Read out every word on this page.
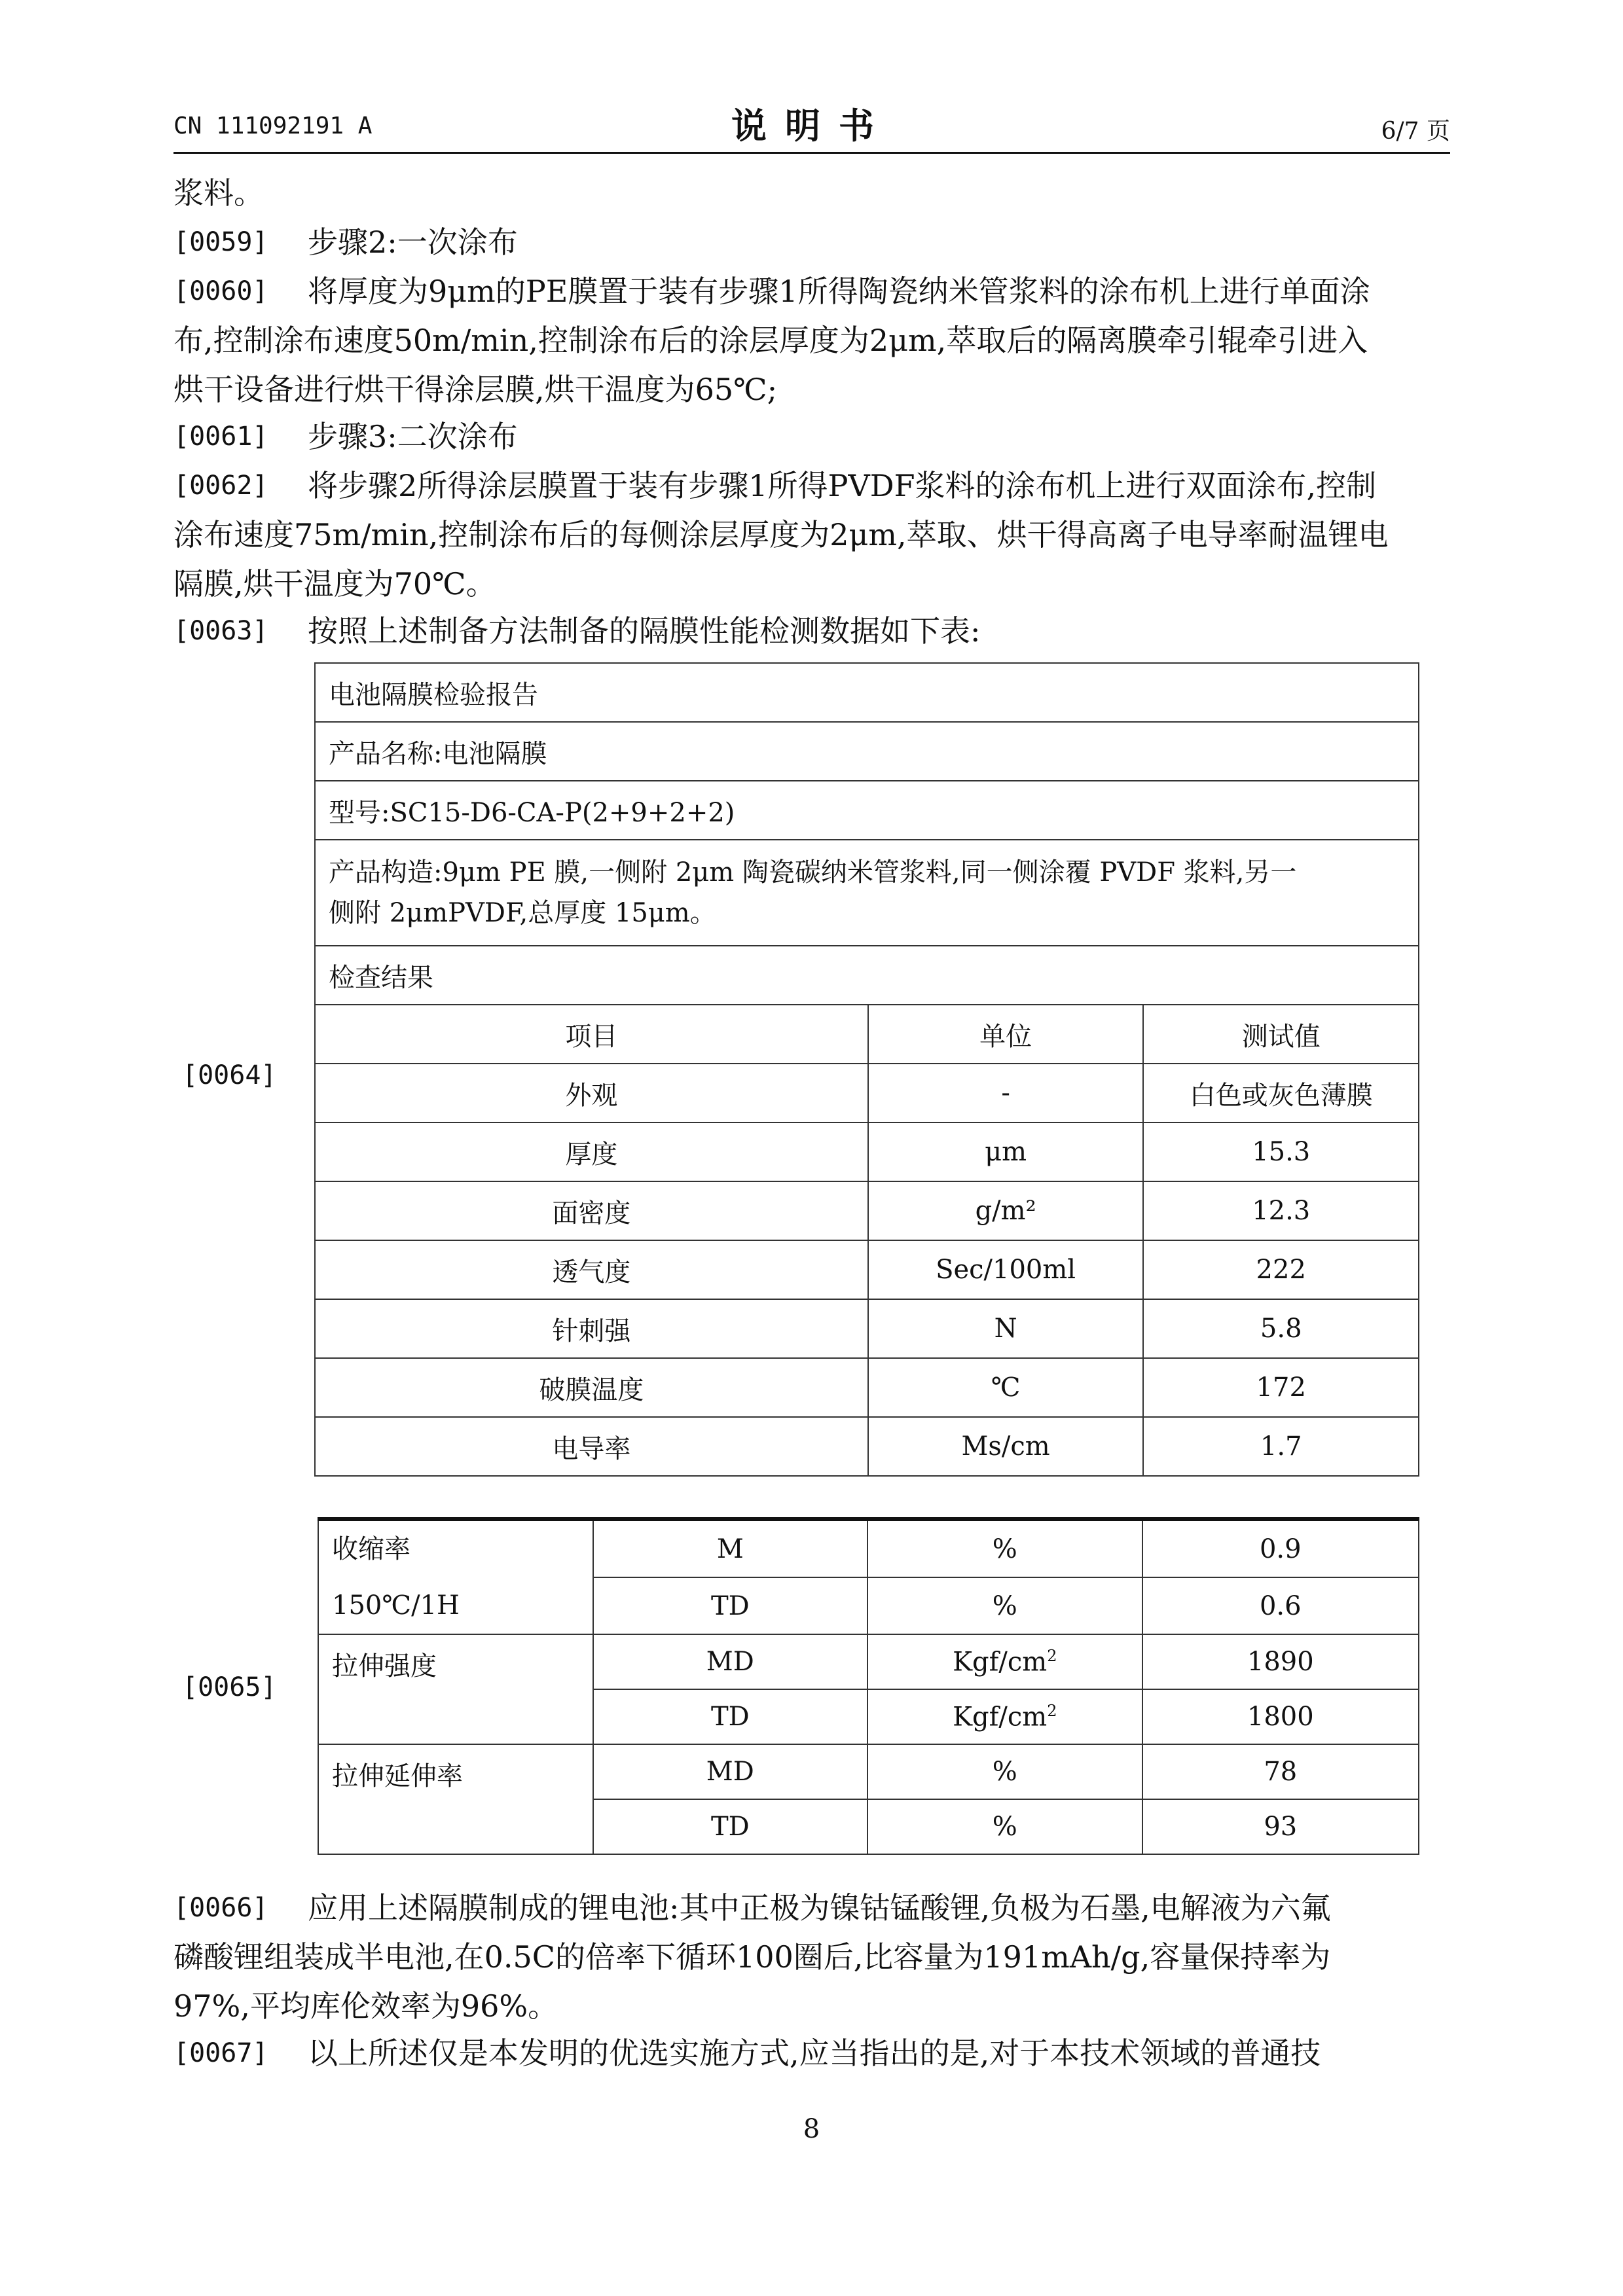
CN 111092191 A	说明书	6/7 页
浆料。
[0059]	步骤2:一次涂布
[0060]	将厚度为9μm的PE膜置于装有步骤1所得陶瓷纳米管浆料的涂布机上进行单面涂
布,控制涂布速度50m/min,控制涂布后的涂层厚度为2μm,萃取后的隔离膜牵引辊牵引进入
烘干设备进行烘干得涂层膜,烘干温度为65℃;
[0061]	步骤3:二次涂布
[0062]	将步骤2所得涂层膜置于装有步骤1所得PVDF浆料的涂布机上进行双面涂布,控制
涂布速度75m/min,控制涂布后的每侧涂层厚度为2μm,萃取、烘干得高离子电导率耐温锂电
隔膜,烘干温度为70℃。
[0063]	按照上述制备方法制备的隔膜性能检测数据如下表:
[0064]
电池隔膜检验报告		
产品名称:电池隔膜		
型号:SC15-D6-CA-P(2+9+2+2)		

产品构造:9μm PE 膜,一侧附 2μm 陶瓷碳纳米管浆料,同一侧涂覆 PVDF 浆料,另一
侧附 2μmPVDF,总厚度 15μm。		

检查结果		
项目	单位	测试值
外观	-	白色或灰色薄膜
厚度	μm	15.3
面密度	g/m²	12.3
透气度	Sec/100ml	222
针刺强	N	5.8
破膜温度	℃	172
电导率	Ms/cm	1.7
[0065]
收缩率
150℃/1H	M	%	0.9
	TD	%	0.6
拉伸强度	MD	Kgf/$cm^2$	1890
	TD	Kgf/$cm^2$	1800
拉伸延伸率	MD	%	78
	TD	%	93
[0066]	应用上述隔膜制成的锂电池:其中正极为镍钴锰酸锂,负极为石墨,电解液为六氟
磷酸锂组装成半电池,在0.5C的倍率下循环100圈后,比容量为191mAh/g,容量保持率为
97%,平均库伦效率为96%。
[0067]	以上所述仅是本发明的优选实施方式,应当指出的是,对于本技术领域的普通技
8
